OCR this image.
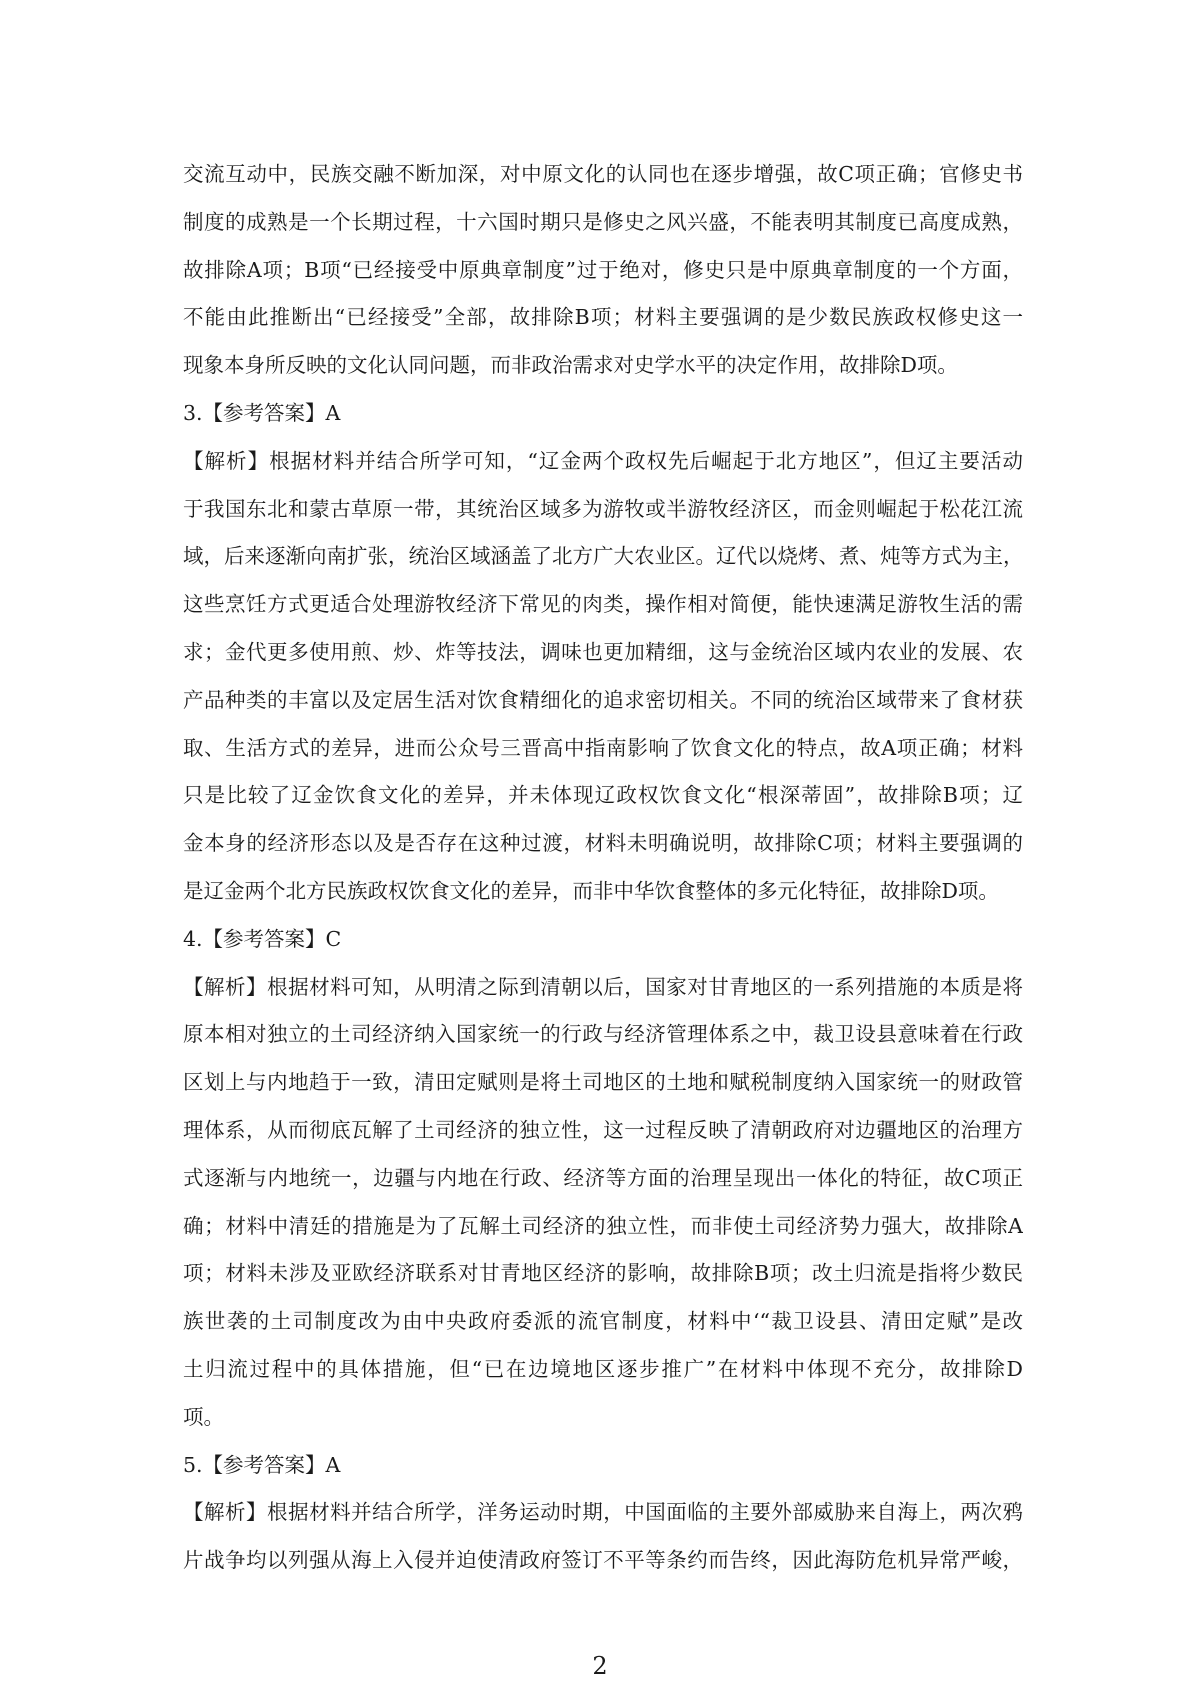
交流互动中，民族交融不断加深，对中原文化的认同也在逐步增强，故C项正确；官修史书
制度的成熟是一个长期过程，十六国时期只是修史之风兴盛，不能表明其制度已高度成熟，
故排除A项；B项“已经接受中原典章制度”过于绝对，修史只是中原典章制度的一个方面，
不能由此推断出“已经接受”全部，故排除B项；材料主要强调的是少数民族政权修史这一
现象本身所反映的文化认同问题，而非政治需求对史学水平的决定作用，故排除D项。
3.【参考答案】A
【解析】根据材料并结合所学可知，“辽金两个政权先后崛起于北方地区”，但辽主要活动
于我国东北和蒙古草原一带，其统治区域多为游牧或半游牧经济区，而金则崛起于松花江流
域，后来逐渐向南扩张，统治区域涵盖了北方广大农业区。辽代以烧烤、煮、炖等方式为主，
这些烹饪方式更适合处理游牧经济下常见的肉类，操作相对简便，能快速满足游牧生活的需
求；金代更多使用煎、炒、炸等技法，调味也更加精细，这与金统治区域内农业的发展、农
产品种类的丰富以及定居生活对饮食精细化的追求密切相关。不同的统治区域带来了食材获
取、生活方式的差异，进而公众号三晋高中指南影响了饮食文化的特点，故A项正确；材料
只是比较了辽金饮食文化的差异，并未体现辽政权饮食文化“根深蒂固”，故排除B项；辽
金本身的经济形态以及是否存在这种过渡，材料未明确说明，故排除C项；材料主要强调的
是辽金两个北方民族政权饮食文化的差异，而非中华饮食整体的多元化特征，故排除D项。
4.【参考答案】C
【解析】根据材料可知，从明清之际到清朝以后，国家对甘青地区的一系列措施的本质是将
原本相对独立的土司经济纳入国家统一的行政与经济管理体系之中，裁卫设县意味着在行政
区划上与内地趋于一致，清田定赋则是将土司地区的土地和赋税制度纳入国家统一的财政管
理体系，从而彻底瓦解了土司经济的独立性，这一过程反映了清朝政府对边疆地区的治理方
式逐渐与内地统一，边疆与内地在行政、经济等方面的治理呈现出一体化的特征，故C项正
确；材料中清廷的措施是为了瓦解土司经济的独立性，而非使土司经济势力强大，故排除A
项；材料未涉及亚欧经济联系对甘青地区经济的影响，故排除B项；改土归流是指将少数民
族世袭的土司制度改为由中央政府委派的流官制度，材料中‘“裁卫设县、清田定赋”是改
土归流过程中的具体措施，但“已在边境地区逐步推广”在材料中体现不充分，故排除D
项。
5.【参考答案】A
【解析】根据材料并结合所学，洋务运动时期，中国面临的主要外部威胁来自海上，两次鸦
片战争均以列强从海上入侵并迫使清政府签订不平等条约而告终，因此海防危机异常严峻，
2
